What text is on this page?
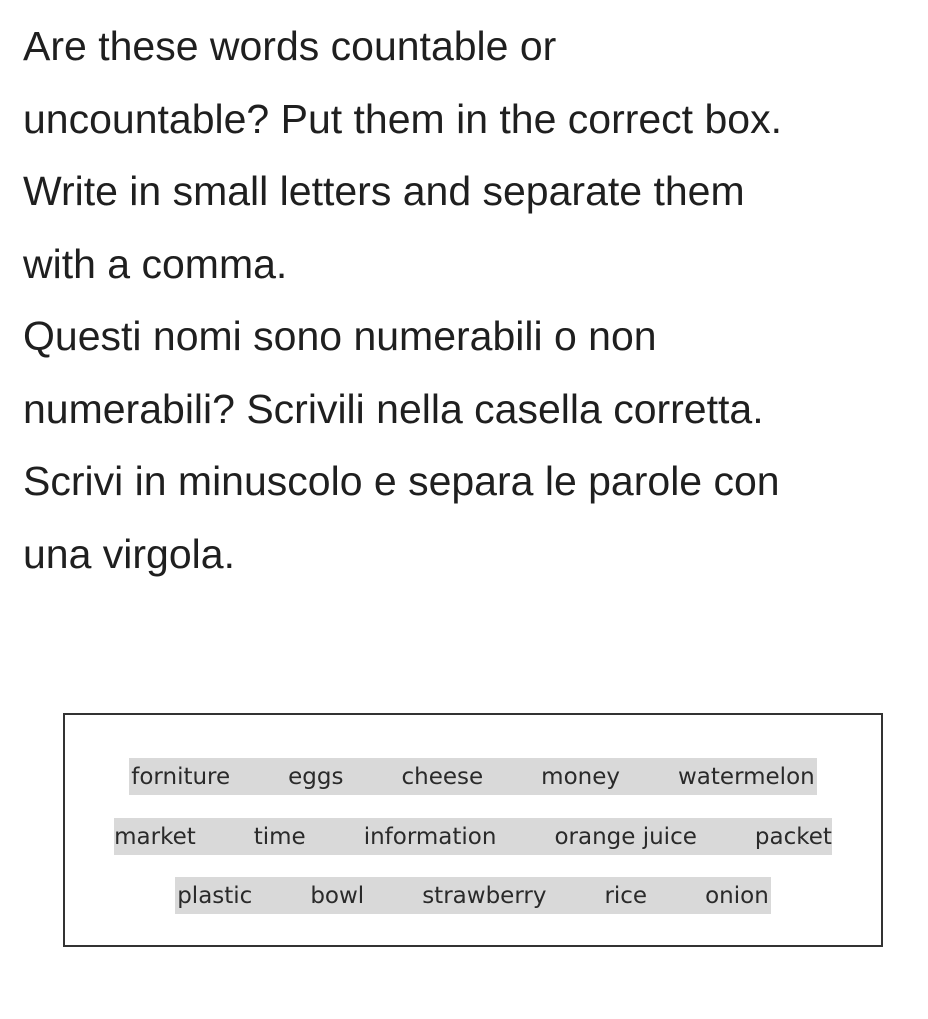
Are these words countable or

uncountable? Put them in the correct box.

Write in small letters and separate them

with a comma.

Questi nomi sono numerabili o non

numerabili? Scrivili nella casella corretta.

Scrivi in minuscolo e separa le parole con

una virgola.

forniture	eggs	cheese	money	watermelon
market	time	information	orange juice	packet
plastic	bowl	strawberry	rice	onion
